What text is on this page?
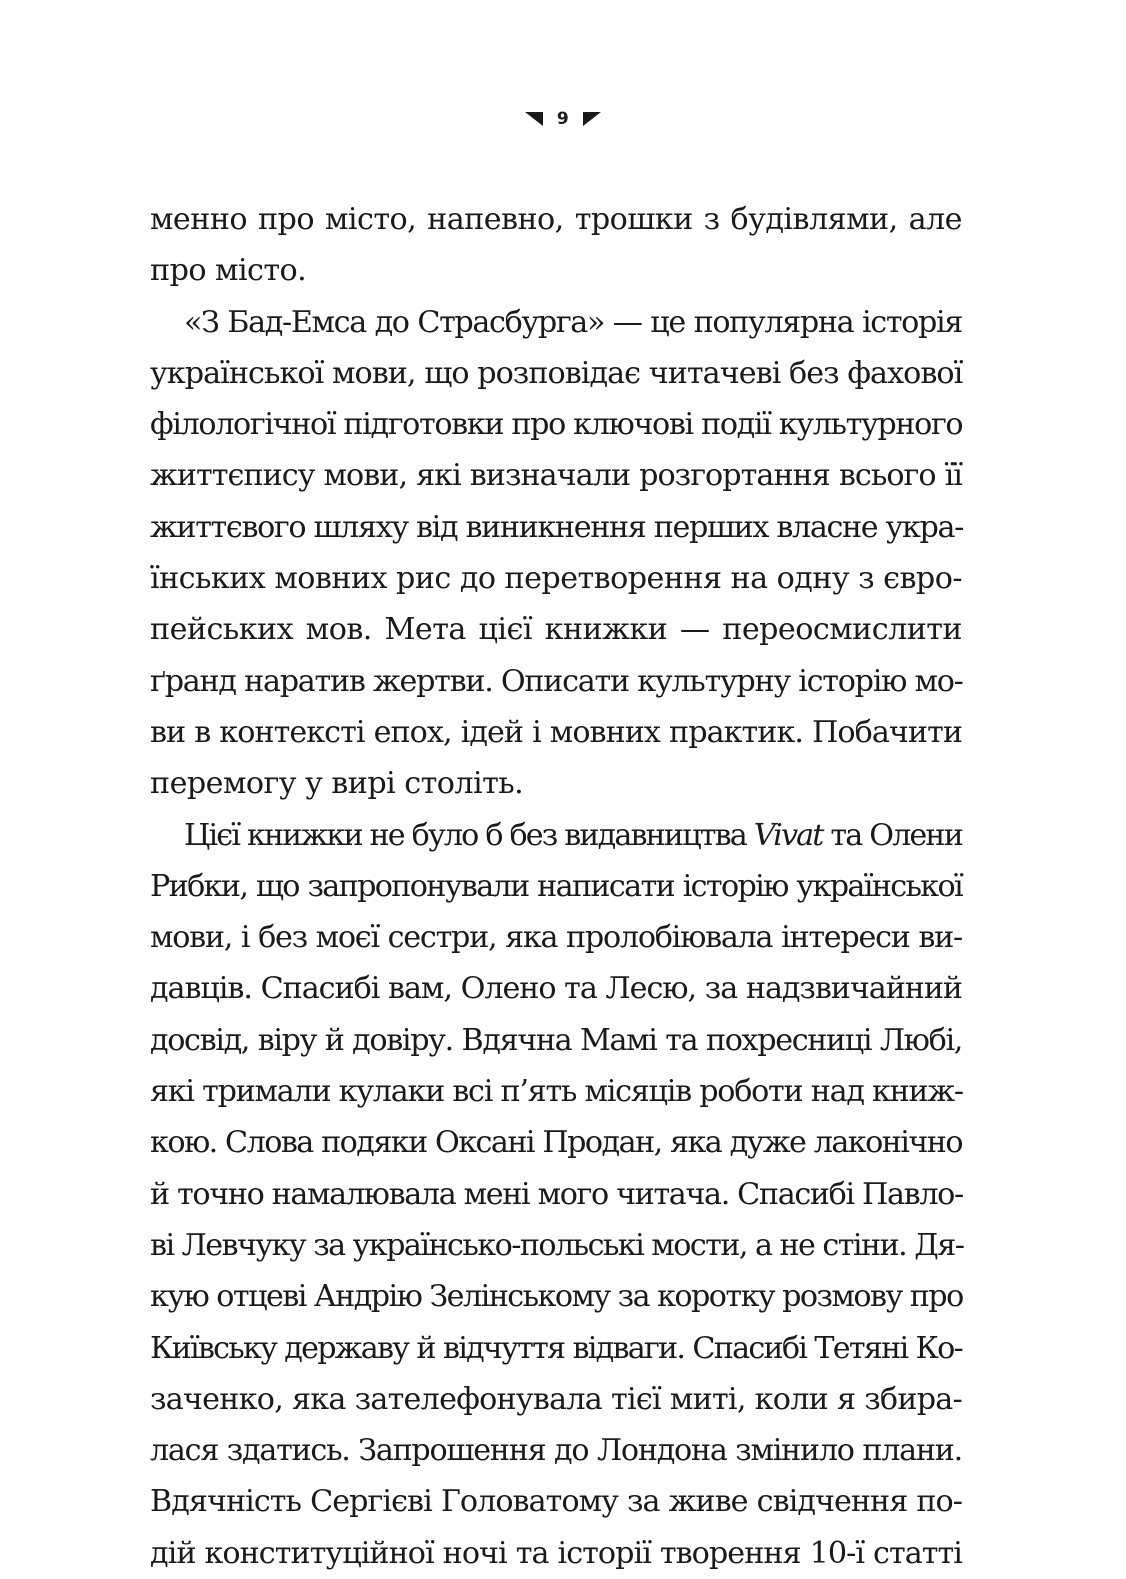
9
менно про місто, напевно, трошки з будівлями, але
про місто.
«З Бад-Емса до Страсбурга» — це популярна історія
української мови, що розповідає читачеві без фахової
філологічної підготовки про ключові події культурного
життєпису мови, які визначали розгортання всього її
життєвого шляху від виникнення перших власне укра-
їнських мовних рис до перетворення на одну з євро-
пейських мов. Мета цієї книжки — переосмислити
ґранд наратив жертви. Описати культурну історію мо-
ви в контексті епох, ідей і мовних практик. Побачити
перемогу у вирі століть.
Цієї книжки не було б без видавництва Vivat та Олени
Рибки, що запропонували написати історію української
мови, і без моєї сестри, яка пролобіювала інтереси ви-
давців. Спасибі вам, Олено та Лесю, за надзвичайний
досвід, віру й довіру. Вдячна Мамі та похресниці Любі,
які тримали кулаки всі п’ять місяців роботи над книж-
кою. Слова подяки Оксані Продан, яка дуже лаконічно
й точно намалювала мені мого читача. Спасибі Павло-
ві Левчуку за українсько-польські мости, а не стіни. Дя-
кую отцеві Андрію Зелінському за коротку розмову про
Київську державу й відчуття відваги. Спасибі Тетяні Ко-
заченко, яка зателефонувала тієї миті, коли я збира-
лася здатись. Запрошення до Лондона змінило плани.
Вдячність Сергієві Головатому за живе свідчення по-
дій конституційної ночі та історії творення 10-ї статті
